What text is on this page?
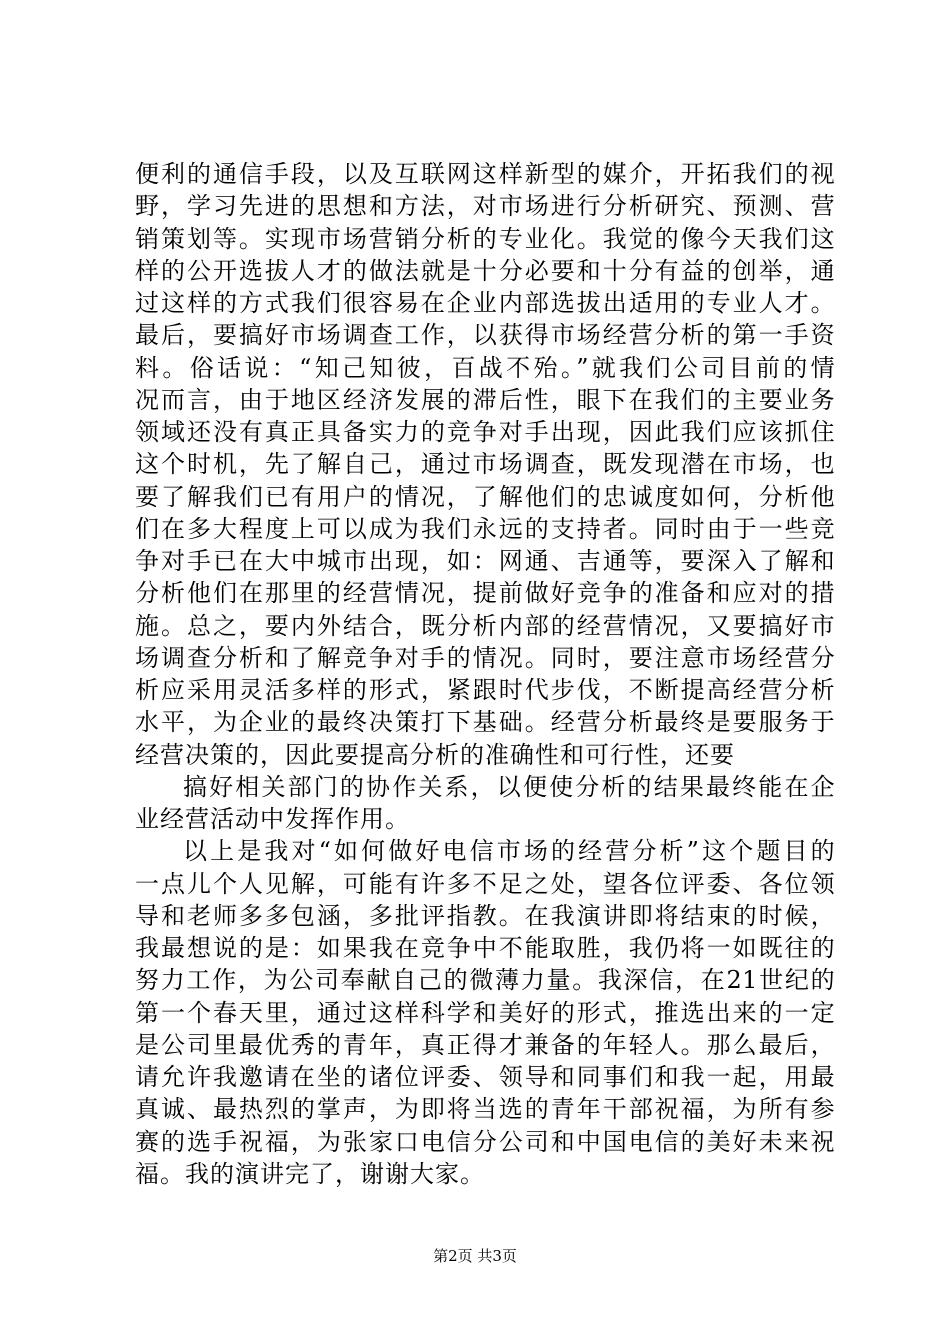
便利的通信手段，以及互联网这样新型的媒介，开拓我们的视
野，学习先进的思想和方法，对市场进行分析研究、预测、营
销策划等。实现市场营销分析的专业化。我觉的像今天我们这
样的公开选拔人才的做法就是十分必要和十分有益的创举，通
过这样的方式我们很容易在企业内部选拔出适用的专业人才。
最后，要搞好市场调查工作，以获得市场经营分析的第一手资
料。俗话说：“知己知彼，百战不殆。”就我们公司目前的情
况而言，由于地区经济发展的滞后性，眼下在我们的主要业务
领域还没有真正具备实力的竞争对手出现，因此我们应该抓住
这个时机，先了解自己，通过市场调查，既发现潜在市场，也
要了解我们已有用户的情况，了解他们的忠诚度如何，分析他
们在多大程度上可以成为我们永远的支持者。同时由于一些竞
争对手已在大中城市出现，如：网通、吉通等，要深入了解和
分析他们在那里的经营情况，提前做好竞争的准备和应对的措
施。总之，要内外结合，既分析内部的经营情况，又要搞好市
场调查分析和了解竞争对手的情况。同时，要注意市场经营分
析应采用灵活多样的形式，紧跟时代步伐，不断提高经营分析
水平，为企业的最终决策打下基础。经营分析最终是要服务于
经营决策的，因此要提高分析的准确性和可行性，还要
搞好相关部门的协作关系，以便使分析的结果最终能在企
业经营活动中发挥作用。
以上是我对“如何做好电信市场的经营分析”这个题目的
一点儿个人见解，可能有许多不足之处，望各位评委、各位领
导和老师多多包涵，多批评指教。在我演讲即将结束的时候，
我最想说的是：如果我在竞争中不能取胜，我仍将一如既往的
努力工作，为公司奉献自己的微薄力量。我深信，在21世纪的
第一个春天里，通过这样科学和美好的形式，推选出来的一定
是公司里最优秀的青年，真正得才兼备的年轻人。那么最后，
请允许我邀请在坐的诸位评委、领导和同事们和我一起，用最
真诚、最热烈的掌声，为即将当选的青年干部祝福，为所有参
赛的选手祝福，为张家口电信分公司和中国电信的美好未来祝
福。我的演讲完了，谢谢大家。
第2页 共3页
